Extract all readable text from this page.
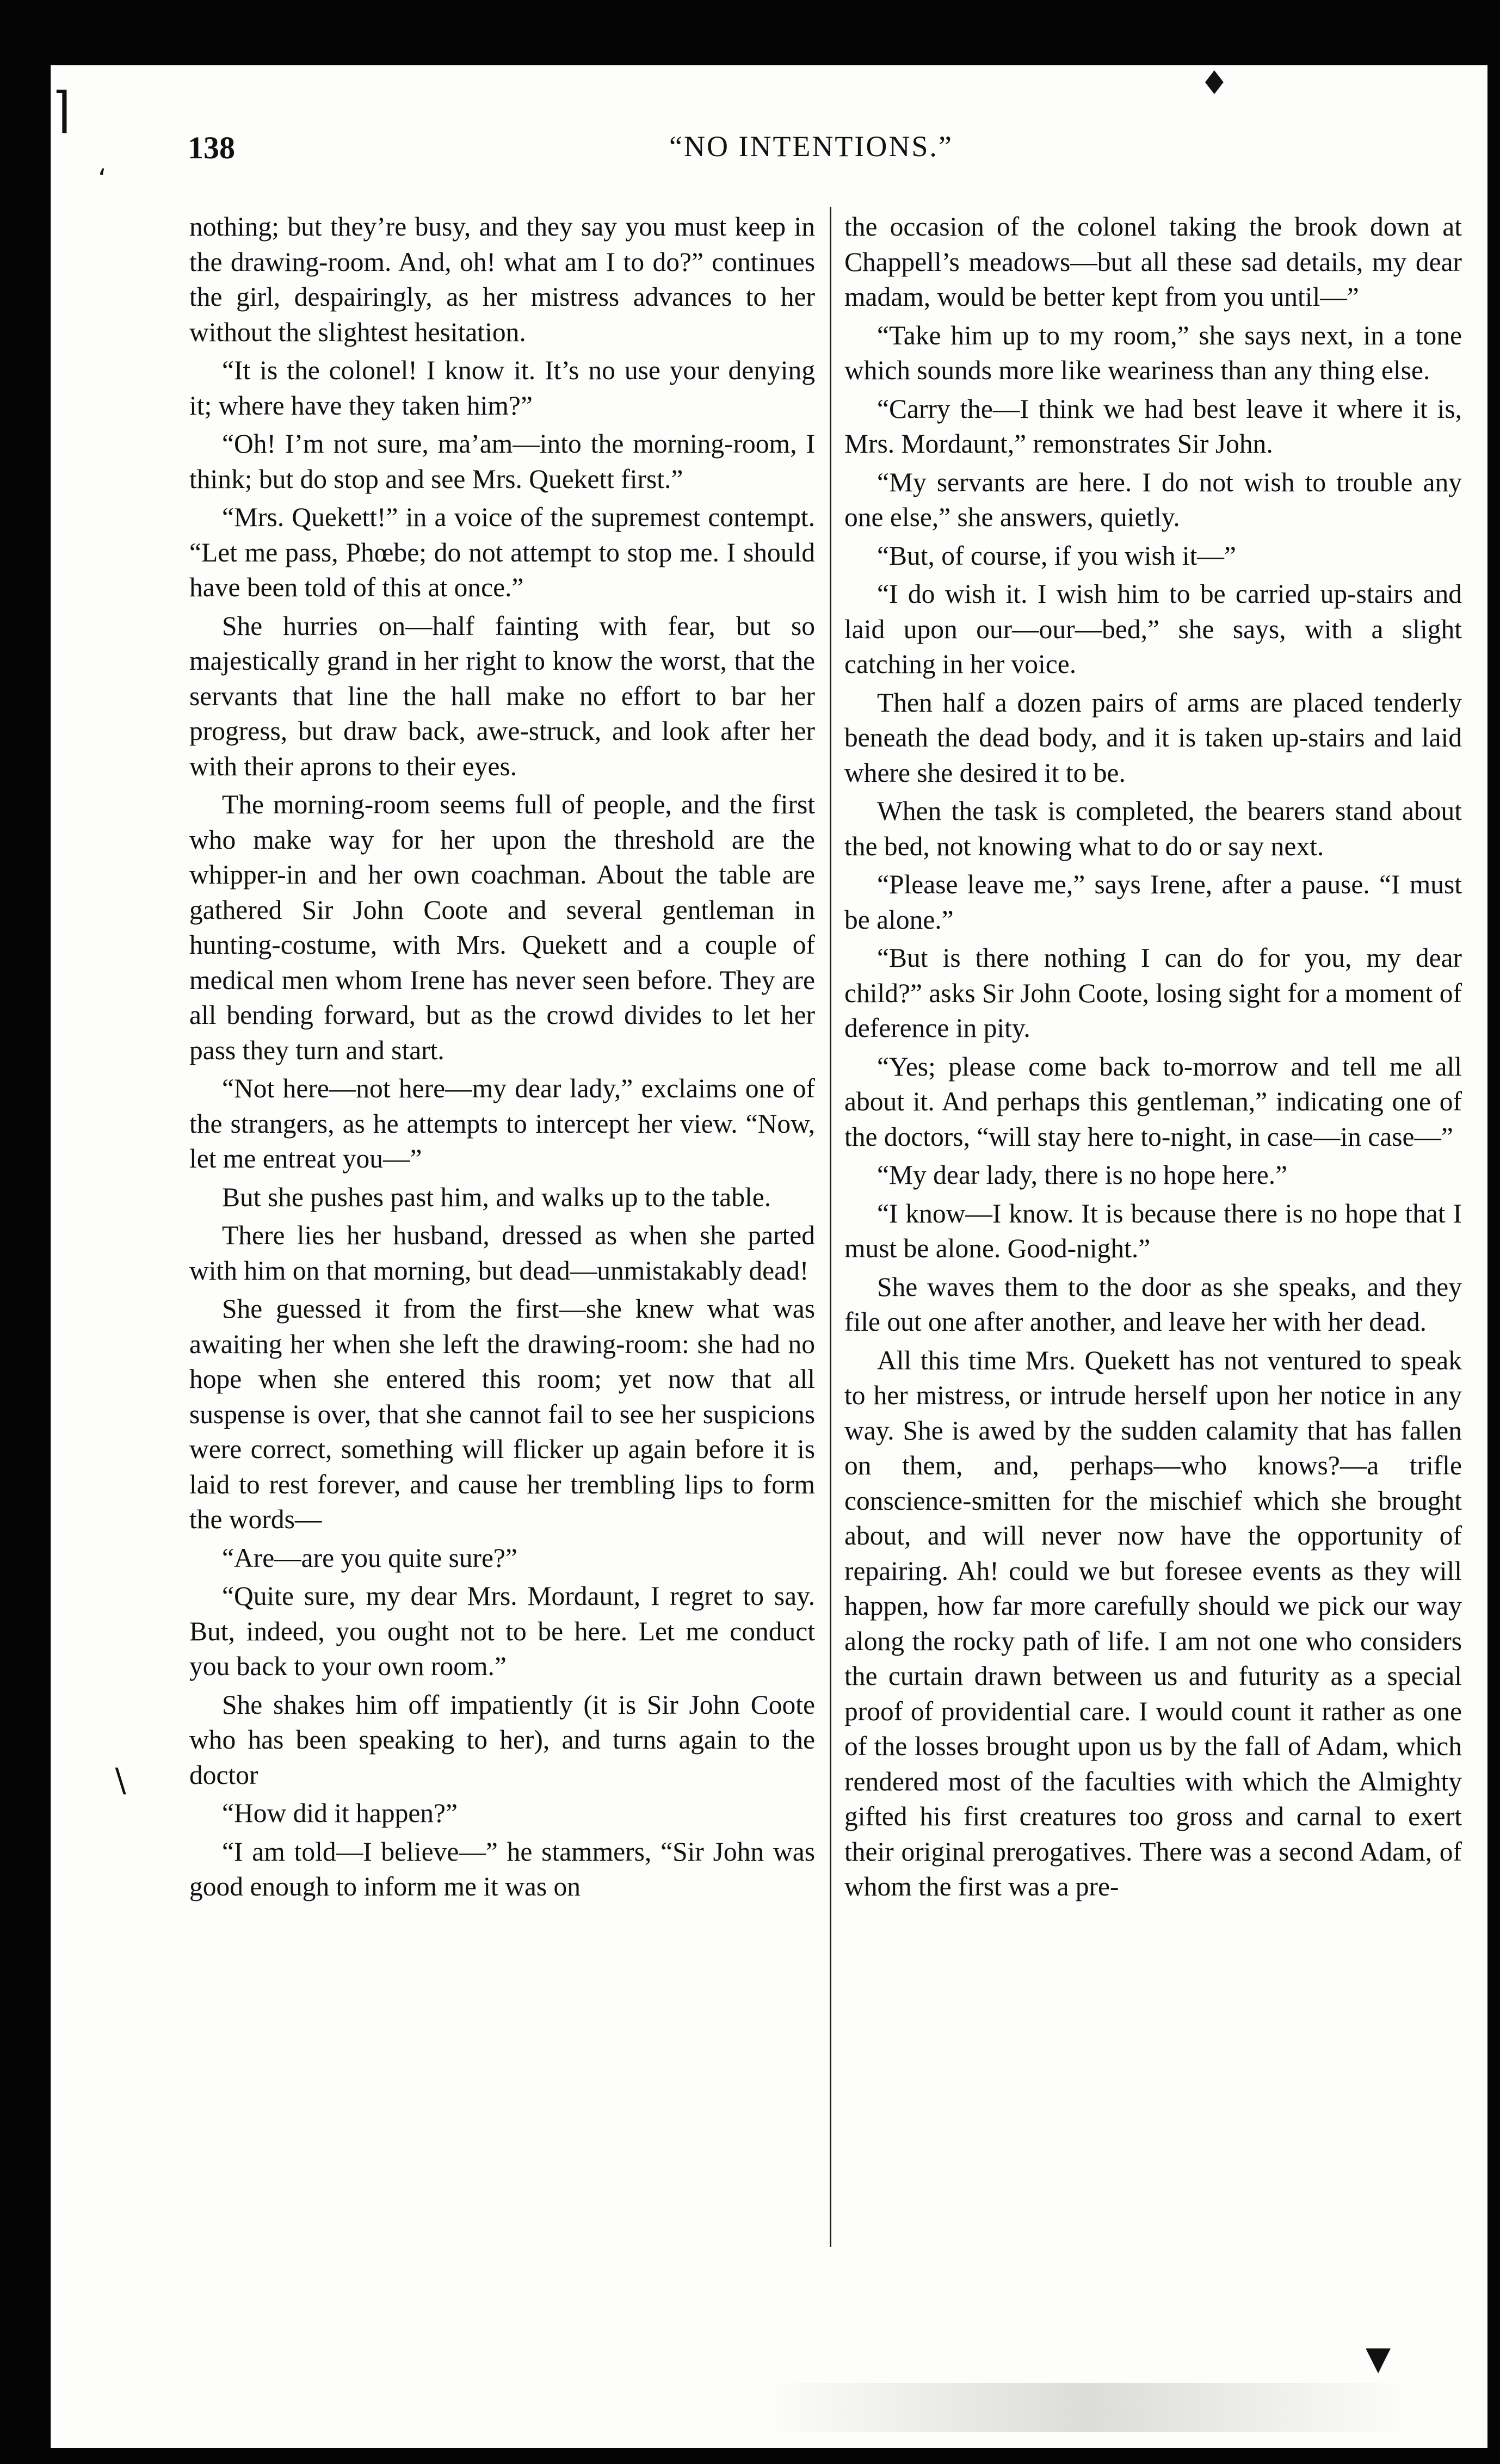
138	“NO INTENTIONS.”

nothing; but they’re busy, and they say you must keep in the drawing-room. And, oh! what am I to do?” continues the girl, despairingly, as her mistress advances to her without the slightest hesitation.

“It is the colonel! I know it. It’s no use your denying it; where have they taken him?”

“Oh! I’m not sure, ma’am—into the morning-room, I think; but do stop and see Mrs. Quekett first.”

“Mrs. Quekett!” in a voice of the supremest contempt. “Let me pass, Phœbe; do not attempt to stop me. I should have been told of this at once.”

She hurries on—half fainting with fear, but so majestically grand in her right to know the worst, that the servants that line the hall make no effort to bar her progress, but draw back, awe-struck, and look after her with their aprons to their eyes.

The morning-room seems full of people, and the first who make way for her upon the threshold are the whipper-in and her own coachman. About the table are gathered Sir John Coote and several gentleman in hunting-costume, with Mrs. Quekett and a couple of medical men whom Irene has never seen before. They are all bending forward, but as the crowd divides to let her pass they turn and start.

“Not here—not here—my dear lady,” exclaims one of the strangers, as he attempts to intercept her view. “Now, let me entreat you—”

But she pushes past him, and walks up to the table.

There lies her husband, dressed as when she parted with him on that morning, but dead—unmistakably dead!

She guessed it from the first—she knew what was awaiting her when she left the drawing-room: she had no hope when she entered this room; yet now that all suspense is over, that she cannot fail to see her suspicions were correct, something will flicker up again before it is laid to rest forever, and cause her trembling lips to form the words—

“Are—are you quite sure?”

“Quite sure, my dear Mrs. Mordaunt, I regret to say. But, indeed, you ought not to be here. Let me conduct you back to your own room.”

She shakes him off impatiently (it is Sir John Coote who has been speaking to her), and turns again to the doctor

“How did it happen?”

“I am told—I believe—” he stammers, “Sir John was good enough to inform me it was on

the occasion of the colonel taking the brook down at Chappell’s meadows—but all these sad details, my dear madam, would be better kept from you until—”

“Take him up to my room,” she says next, in a tone which sounds more like weariness than any thing else.

“Carry the—I think we had best leave it where it is, Mrs. Mordaunt,” remonstrates Sir John.

“My servants are here. I do not wish to trouble any one else,” she answers, quietly.

“But, of course, if you wish it—”

“I do wish it. I wish him to be carried up-stairs and laid upon our—our—bed,” she says, with a slight catching in her voice.

Then half a dozen pairs of arms are placed tenderly beneath the dead body, and it is taken up-stairs and laid where she desired it to be.

When the task is completed, the bearers stand about the bed, not knowing what to do or say next.

“Please leave me,” says Irene, after a pause. “I must be alone.”

“But is there nothing I can do for you, my dear child?” asks Sir John Coote, losing sight for a moment of deference in pity.

“Yes; please come back to-morrow and tell me all about it. And perhaps this gentleman,” indicating one of the doctors, “will stay here to-night, in case—in case—”

“My dear lady, there is no hope here.”

“I know—I know. It is because there is no hope that I must be alone. Good-night.”

She waves them to the door as she speaks, and they file out one after another, and leave her with her dead.

All this time Mrs. Quekett has not ventured to speak to her mistress, or intrude herself upon her notice in any way. She is awed by the sudden calamity that has fallen on them, and, perhaps—who knows?—a trifle conscience-smitten for the mischief which she brought about, and will never now have the opportunity of repairing. Ah! could we but foresee events as they will happen, how far more carefully should we pick our way along the rocky path of life. I am not one who considers the curtain drawn between us and futurity as a special proof of providential care. I would count it rather as one of the losses brought upon us by the fall of Adam, which rendered most of the faculties with which the Almighty gifted his first creatures too gross and carnal to exert their original prerogatives. There was a second Adam, of whom the first was a pre-

♦
⌉
‘
∖
▼
